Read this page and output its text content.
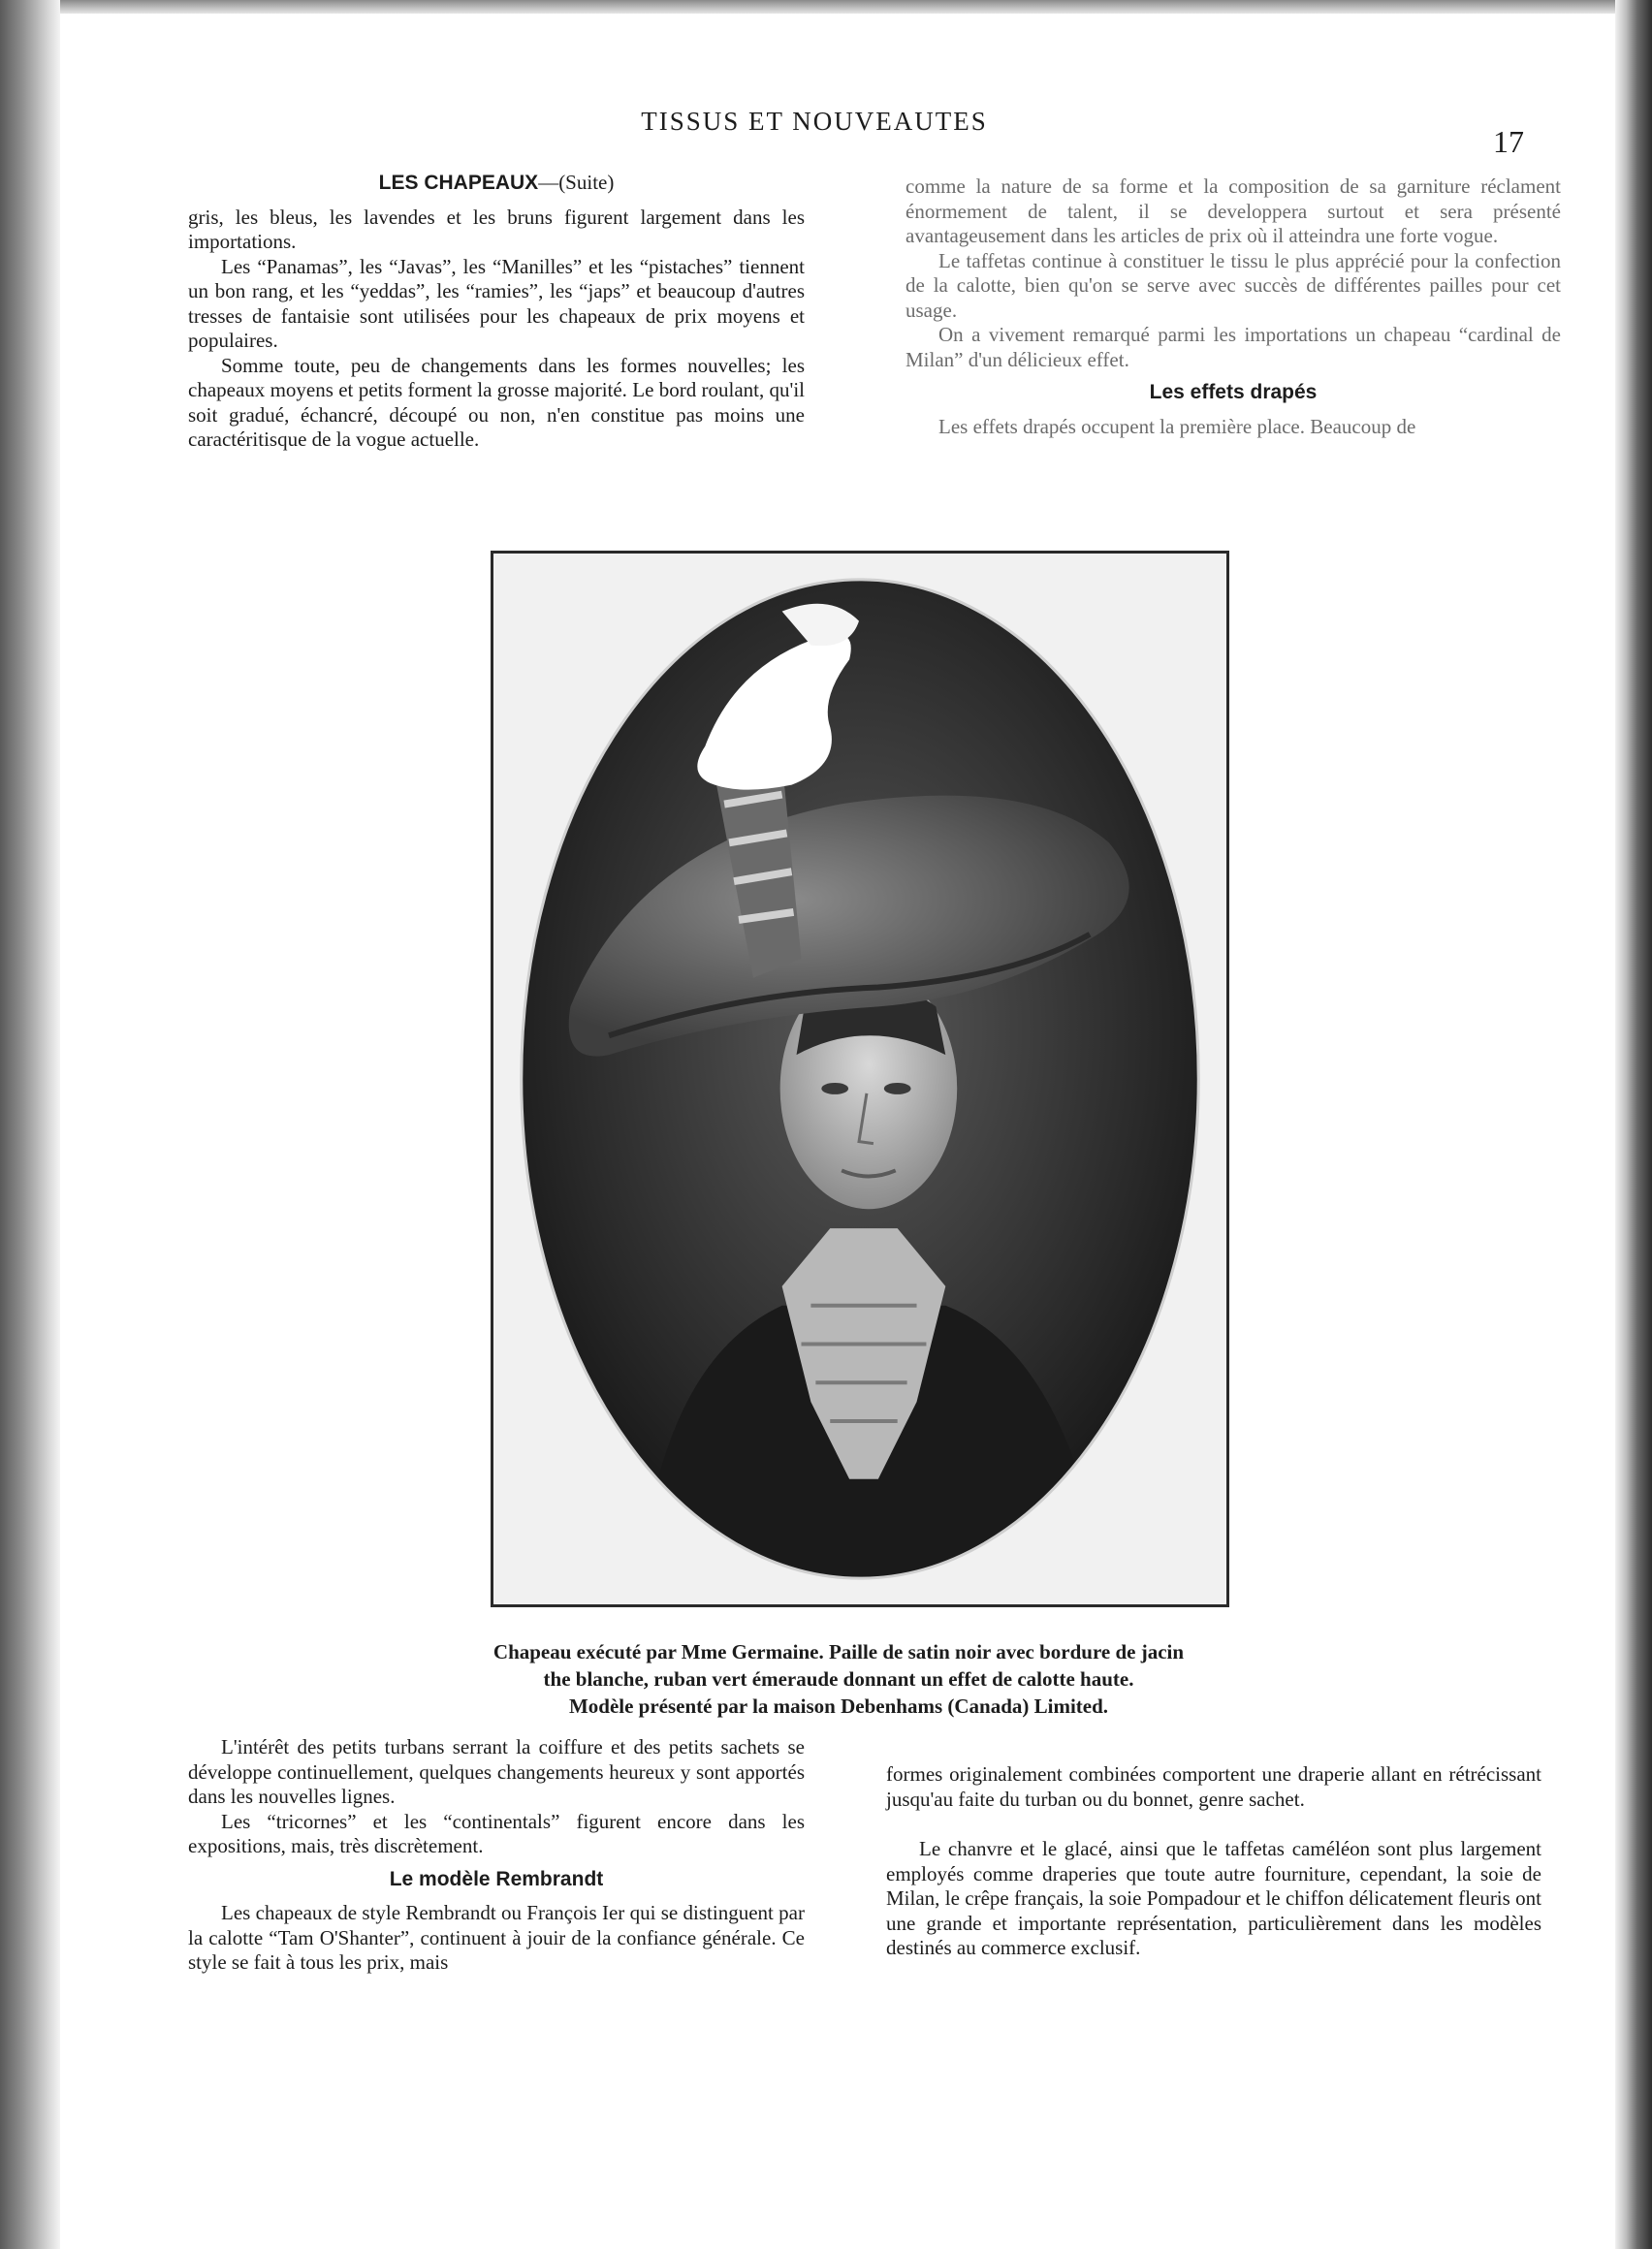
TISSUS ET NOUVEAUTES
17
LES CHAPEAUX—(Suite)

gris, les bleus, les lavendes et les bruns figurent largement dans les importations.

Les “Panamas”, les “Javas”, les “Manilles” et les “pistaches” tiennent un bon rang, et les “yeddas”, les “ramies”, les “japs” et beaucoup d'autres tresses de fantaisie sont utilisées pour les chapeaux de prix moyens et populaires.

Somme toute, peu de changements dans les formes nouvelles; les chapeaux moyens et petits forment la grosse majorité. Le bord roulant, qu'il soit gradué, échancré, découpé ou non, n'en constitue pas moins une caractéritisque de la vogue actuelle.

comme la nature de sa forme et la composition de sa garniture réclament énormement de talent, il se developpera surtout et sera présenté avantageusement dans les articles de prix où il atteindra une forte vogue.

Le taffetas continue à constituer le tissu le plus apprécié pour la confection de la calotte, bien qu'on se serve avec succès de différentes pailles pour cet usage.

On a vivement remarqué parmi les importations un chapeau “cardinal de Milan” d'un délicieux effet.

Les effets drapés

Les effets drapés occupent la première place. Beaucoup de

Chapeau exécuté par Mme Germaine. Paille de satin noir avec bordure de jacin
the blanche, ruban vert émeraude donnant un effet de calotte haute.
Modèle présenté par la maison Debenhams (Canada) Limited.

L'intérêt des petits turbans serrant la coiffure et des petits sachets se développe continuellement, quelques changements heureux y sont apportés dans les nouvelles lignes.

Les “tricornes” et les “continentals” figurent encore dans les expositions, mais, très discrètement.

Le modèle Rembrandt

Les chapeaux de style Rembrandt ou François Ier qui se distinguent par la calotte “Tam O'Shanter”, continuent à jouir de la confiance générale. Ce style se fait à tous les prix, mais

formes originalement combinées comportent une draperie allant en rétrécissant jusqu'au faite du turban ou du bonnet, genre sachet.

Le chanvre et le glacé, ainsi que le taffetas caméléon sont plus largement employés comme draperies que toute autre fourniture, cependant, la soie de Milan, le crêpe français, la soie Pompadour et le chiffon délicatement fleuris ont une grande et importante représentation, particulièrement dans les modèles destinés au commerce exclusif.
